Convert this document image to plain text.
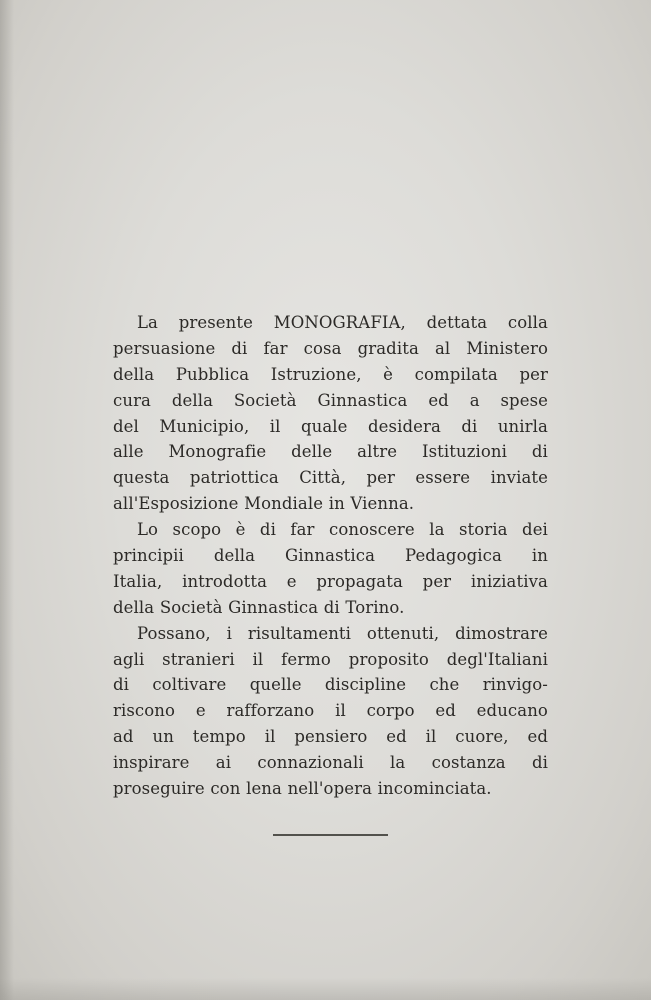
La presente MONOGRAFIA, dettata colla
persuasione di far cosa gradita al Ministero
della Pubblica Istruzione, è compilata per
cura della Società Ginnastica ed a spese
del Municipio, il quale desidera di unirla
alle Monografie delle altre Istituzioni di
questa patriottica Città, per essere inviate
all'Esposizione Mondiale in Vienna.
Lo scopo è di far conoscere la storia dei
principii della Ginnastica Pedagogica in
Italia, introdotta e propagata per iniziativa
della Società Ginnastica di Torino.
Possano, i risultamenti ottenuti, dimostrare
agli stranieri il fermo proposito degl'Italiani
di coltivare quelle discipline che rinvigo-
riscono e rafforzano il corpo ed educano
ad un tempo il pensiero ed il cuore, ed
inspirare ai connazionali la costanza di
proseguire con lena nell'opera incominciata.
